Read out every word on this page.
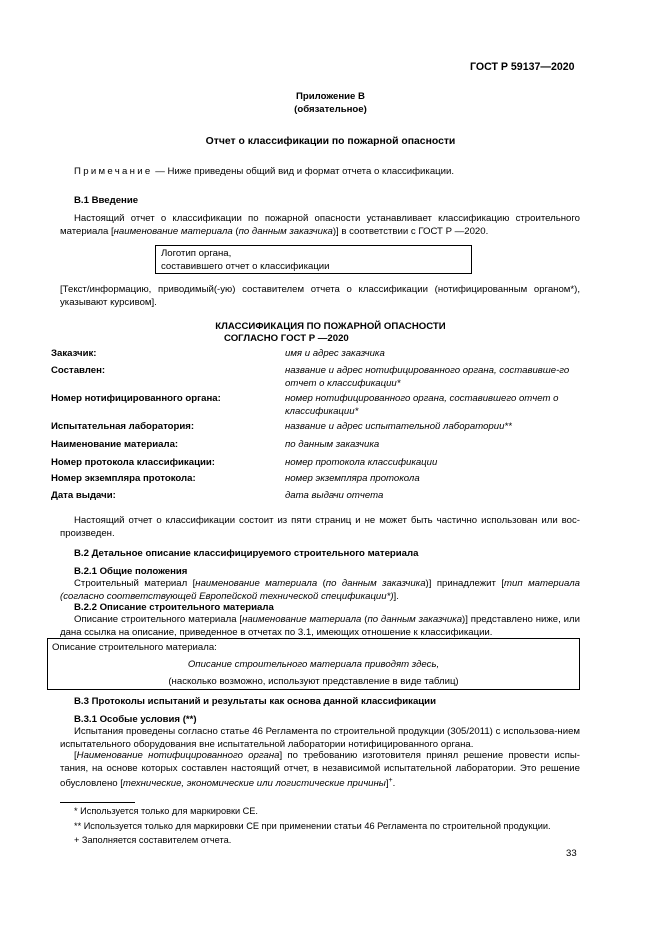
ГОСТ Р 59137—2020
Приложение В
(обязательное)
Отчет о классификации по пожарной опасности
Примечание — Ниже приведены общий вид и формат отчета о классификации.
В.1 Введение
Настоящий отчет о классификации по пожарной опасности устанавливает классификацию строительного материала [наименование материала (по данным заказчика)] в соответствии с ГОСТ Р —2020.
Логотип органа,
составившего отчет о классификации
[Текст/информацию, приводимый(-ую) составителем отчета о классификации (нотифицированным органом*), указывают курсивом].
КЛАССИФИКАЦИЯ ПО ПОЖАРНОЙ ОПАСНОСТИ
СОГЛАСНО ГОСТ Р —2020
Заказчик:	имя и адрес заказчика
Составлен:	название и адрес нотифицированного органа, составивше-го отчет о классификации*
Номер нотифицированного органа:	номер нотифицированного органа, составившего отчет о классификации*
Испытательная лаборатория:	название и адрес испытательной лаборатории**
Наименование материала:	по данным заказчика
Номер протокола классификации:	номер протокола классификации
Номер экземпляра протокола:	номер экземпляра протокола
Дата выдачи:	дата выдачи отчета
Настоящий отчет о классификации состоит из пяти страниц и не может быть частично использован или вос-произведен.
В.2 Детальное описание классифицируемого строительного материала
В.2.1 Общие положения
Строительный материал [наименование материала (по данным заказчика)] принадлежит [тип материала (согласно соответствующей Европейской технической спецификации*)].
В.2.2 Описание строительного материала
Описание строительного материала [наименование материала (по данным заказчика)] представлено ниже, или дана ссылка на описание, приведенное в отчетах по 3.1, имеющих отношение к классификации.
Описание строительного материала:
Описание строительного материала приводят здесь,
(насколько возможно, используют представление в виде таблиц)
В.3 Протоколы испытаний и результаты как основа данной классификации
В.3.1 Особые условия (**)
Испытания проведены согласно статье 46 Регламента по строительной продукции (305/2011) с использова-нием испытательного оборудования вне испытательной лаборатории нотифицированного органа.
[Наименование нотифицированного органа] по требованию изготовителя принял решение провести испы-тания, на основе которых составлен настоящий отчет, в независимой испытательной лаборатории. Это решение обусловлено [технические, экономические или логистические причины]+.
* Используется только для маркировки CE.
** Используется только для маркировки CE при применении статьи 46 Регламента по строительной продукции.
+ Заполняется составителем отчета.
33
